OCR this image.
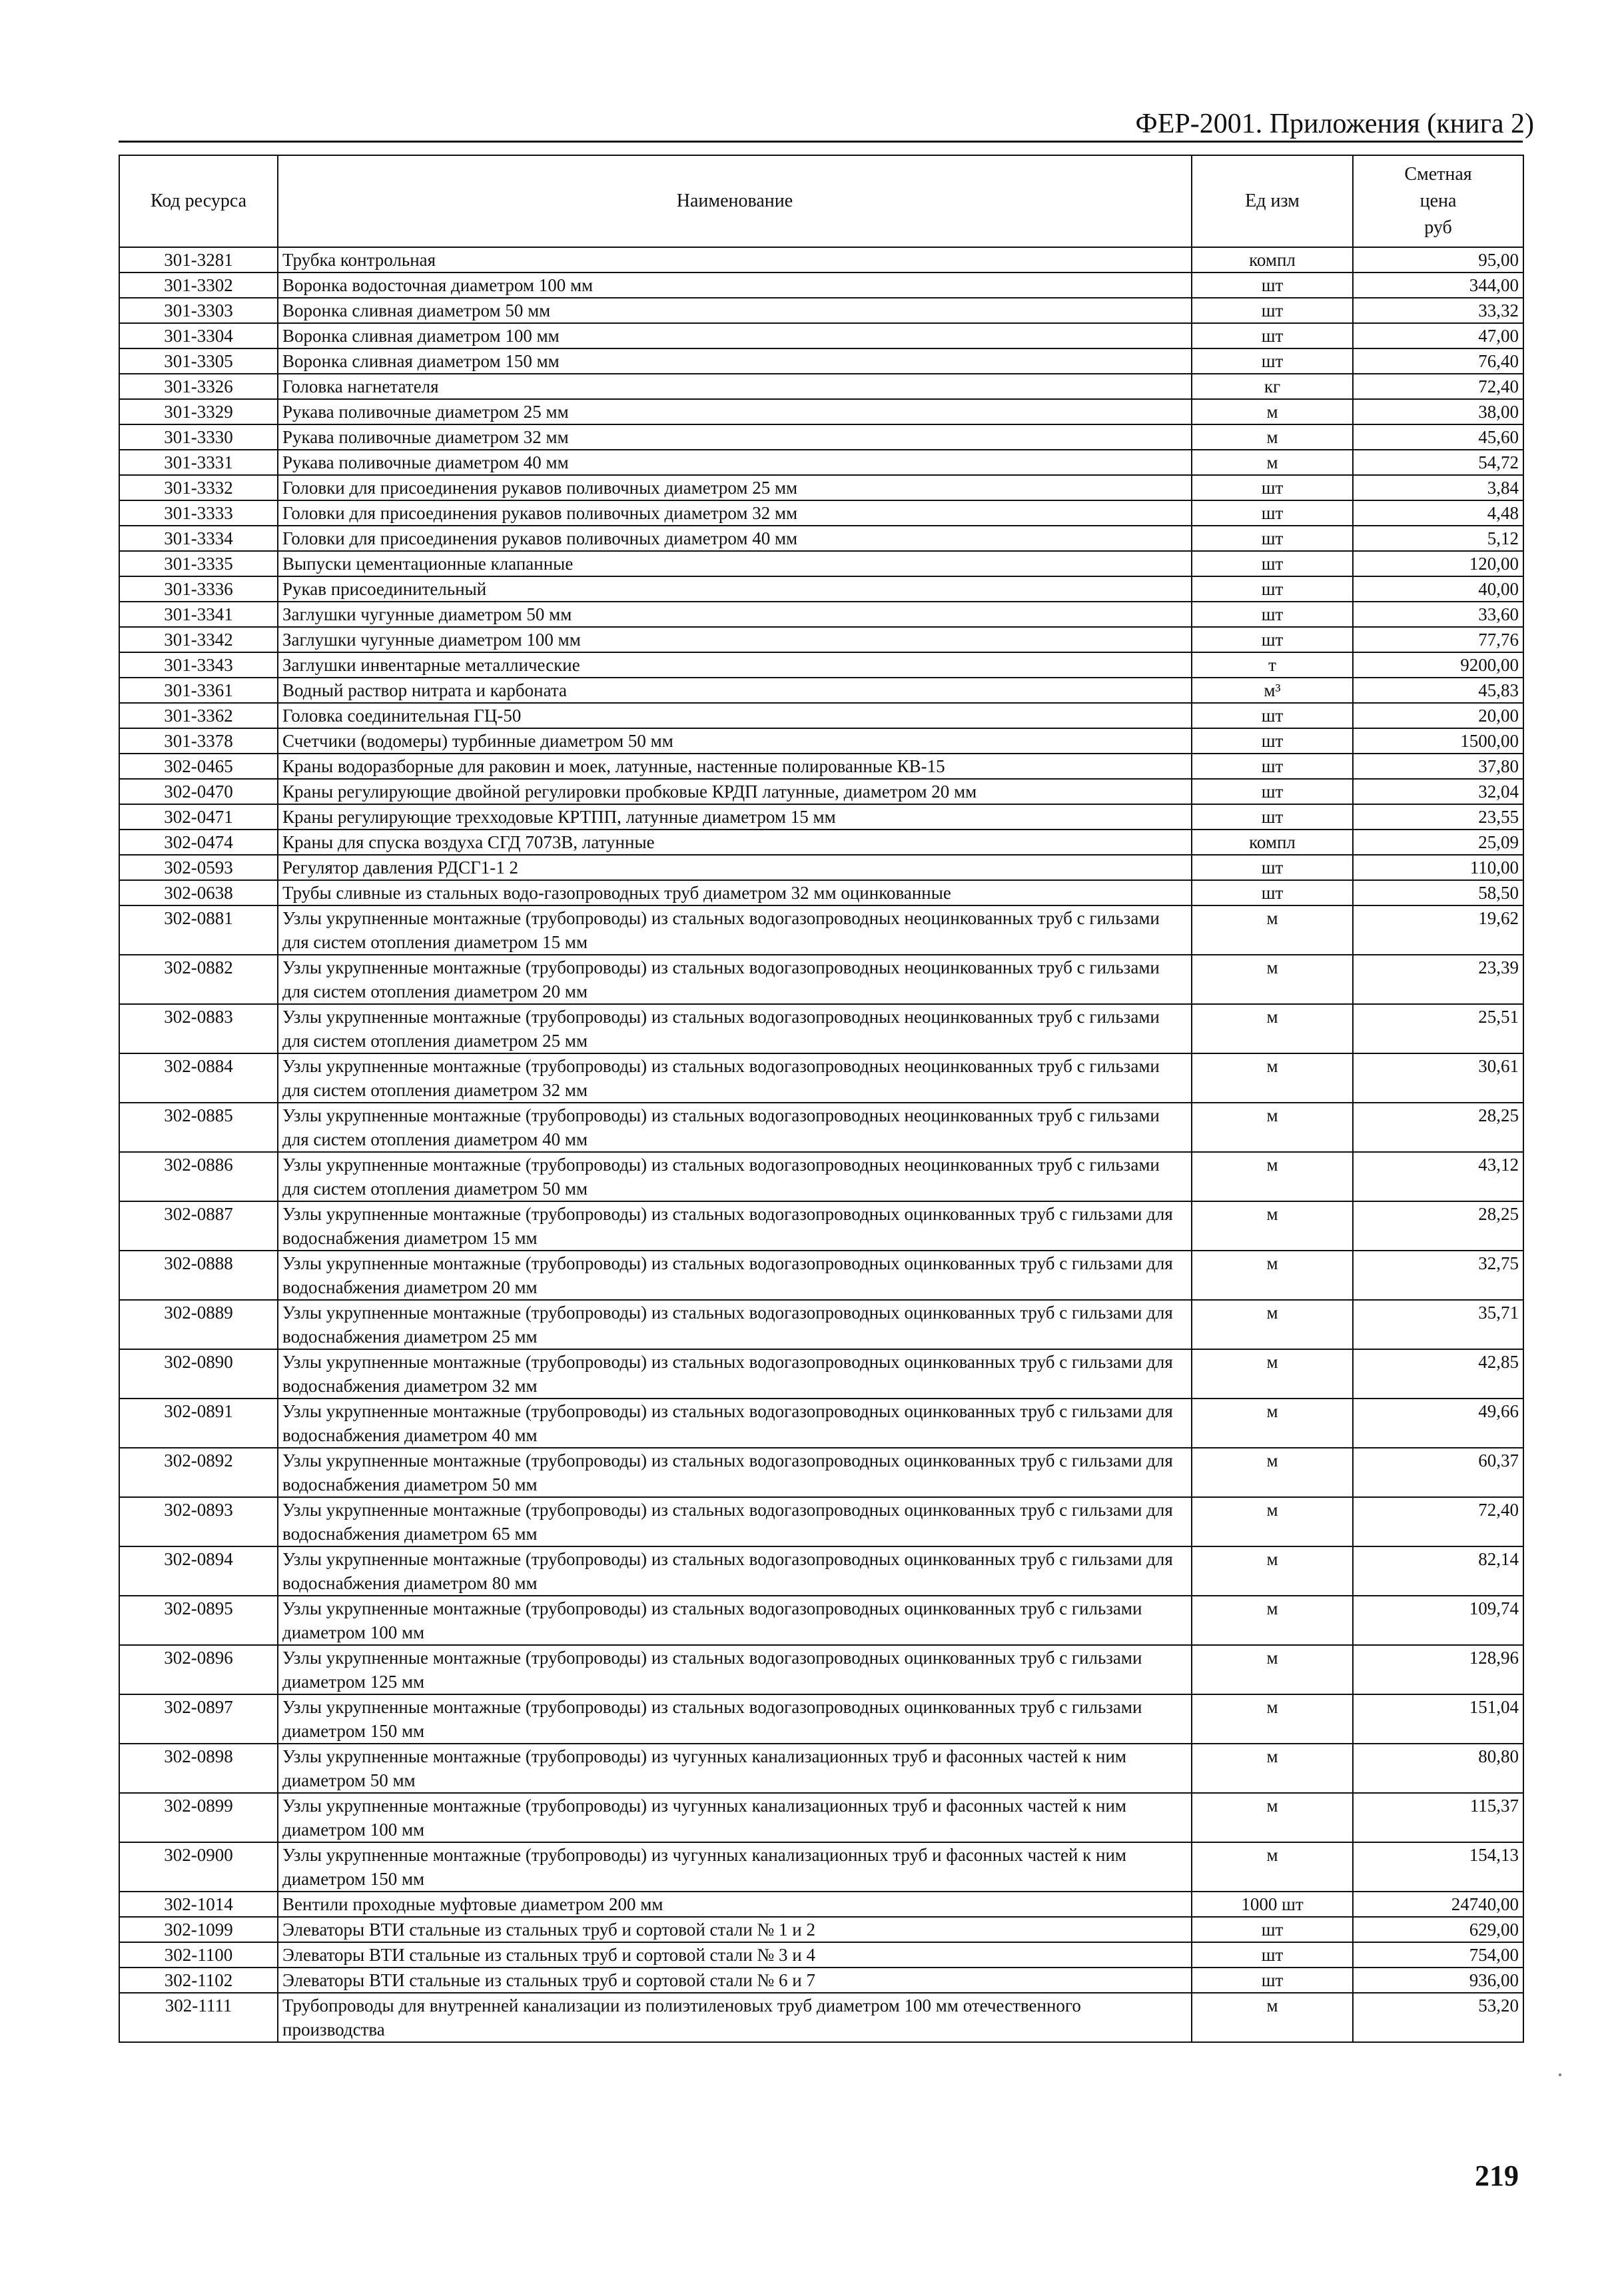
ФЕР-2001. Приложения (книга 2)
Код ресурса	Наименование	Ед изм	Сметная
цена
руб

301-3281	Трубка контрольная	компл	95,00
301-3302	Воронка водосточная диаметром 100 мм	шт	344,00
301-3303	Воронка сливная диаметром 50 мм	шт	33,32
301-3304	Воронка сливная диаметром 100 мм	шт	47,00
301-3305	Воронка сливная диаметром 150 мм	шт	76,40
301-3326	Головка нагнетателя	кг	72,40
301-3329	Рукава поливочные диаметром 25 мм	м	38,00
301-3330	Рукава поливочные диаметром 32 мм	м	45,60
301-3331	Рукава поливочные диаметром 40 мм	м	54,72
301-3332	Головки для присоединения рукавов поливочных диаметром 25 мм	шт	3,84
301-3333	Головки для присоединения рукавов поливочных диаметром 32 мм	шт	4,48
301-3334	Головки для присоединения рукавов поливочных диаметром 40 мм	шт	5,12
301-3335	Выпуски цементационные клапанные	шт	120,00
301-3336	Рукав присоединительный	шт	40,00
301-3341	Заглушки чугунные диаметром 50 мм	шт	33,60
301-3342	Заглушки чугунные диаметром 100 мм	шт	77,76
301-3343	Заглушки инвентарные металлические	т	9200,00
301-3361	Водный раствор нитрата и карбоната	м³	45,83
301-3362	Головка соединительная ГЦ-50	шт	20,00
301-3378	Счетчики (водомеры) турбинные диаметром 50 мм	шт	1500,00
302-0465	Краны водоразборные для раковин и моек, латунные, настенные полированные КВ-15	шт	37,80
302-0470	Краны регулирующие двойной регулировки пробковые КРДП латунные, диаметром 20 мм	шт	32,04
302-0471	Краны регулирующие трехходовые КРТПП, латунные диаметром 15 мм	шт	23,55
302-0474	Краны для спуска воздуха СГД 7073В, латунные	компл	25,09
302-0593	Регулятор давления РДСГ1-1 2	шт	110,00
302-0638	Трубы сливные из стальных водо-газопроводных труб диаметром 32 мм оцинкованные	шт	58,50
302-0881	Узлы укрупненные монтажные (трубопроводы) из стальных водогазопроводных неоцинкованных труб с гильзами для систем отопления диаметром 15 мм	м	19,62
302-0882	Узлы укрупненные монтажные (трубопроводы) из стальных водогазопроводных неоцинкованных труб с гильзами для систем отопления диаметром 20 мм	м	23,39
302-0883	Узлы укрупненные монтажные (трубопроводы) из стальных водогазопроводных неоцинкованных труб с гильзами для систем отопления диаметром 25 мм	м	25,51
302-0884	Узлы укрупненные монтажные (трубопроводы) из стальных водогазопроводных неоцинкованных труб с гильзами для систем отопления диаметром 32 мм	м	30,61
302-0885	Узлы укрупненные монтажные (трубопроводы) из стальных водогазопроводных неоцинкованных труб с гильзами для систем отопления диаметром 40 мм	м	28,25
302-0886	Узлы укрупненные монтажные (трубопроводы) из стальных водогазопроводных неоцинкованных труб с гильзами для систем отопления диаметром 50 мм	м	43,12
302-0887	Узлы укрупненные монтажные (трубопроводы) из стальных водогазопроводных оцинкованных труб с гильзами для водоснабжения диаметром 15 мм	м	28,25
302-0888	Узлы укрупненные монтажные (трубопроводы) из стальных водогазопроводных оцинкованных труб с гильзами для водоснабжения диаметром 20 мм	м	32,75
302-0889	Узлы укрупненные монтажные (трубопроводы) из стальных водогазопроводных оцинкованных труб с гильзами для водоснабжения диаметром 25 мм	м	35,71
302-0890	Узлы укрупненные монтажные (трубопроводы) из стальных водогазопроводных оцинкованных труб с гильзами для водоснабжения диаметром 32 мм	м	42,85
302-0891	Узлы укрупненные монтажные (трубопроводы) из стальных водогазопроводных оцинкованных труб с гильзами для водоснабжения диаметром 40 мм	м	49,66
302-0892	Узлы укрупненные монтажные (трубопроводы) из стальных водогазопроводных оцинкованных труб с гильзами для водоснабжения диаметром 50 мм	м	60,37
302-0893	Узлы укрупненные монтажные (трубопроводы) из стальных водогазопроводных оцинкованных труб с гильзами для водоснабжения диаметром 65 мм	м	72,40
302-0894	Узлы укрупненные монтажные (трубопроводы) из стальных водогазопроводных оцинкованных труб с гильзами для водоснабжения диаметром 80 мм	м	82,14
302-0895	Узлы укрупненные монтажные (трубопроводы) из стальных водогазопроводных оцинкованных труб с гильзами диаметром 100 мм	м	109,74
302-0896	Узлы укрупненные монтажные (трубопроводы) из стальных водогазопроводных оцинкованных труб с гильзами диаметром 125 мм	м	128,96
302-0897	Узлы укрупненные монтажные (трубопроводы) из стальных водогазопроводных оцинкованных труб с гильзами диаметром 150 мм	м	151,04
302-0898	Узлы укрупненные монтажные (трубопроводы) из чугунных канализационных труб и фасонных частей к ним диаметром 50 мм	м	80,80
302-0899	Узлы укрупненные монтажные (трубопроводы) из чугунных канализационных труб и фасонных частей к ним диаметром 100 мм	м	115,37
302-0900	Узлы укрупненные монтажные (трубопроводы) из чугунных канализационных труб и фасонных частей к ним диаметром 150 мм	м	154,13
302-1014	Вентили проходные муфтовые диаметром 200 мм	1000 шт	24740,00
302-1099	Элеваторы ВТИ стальные из стальных труб и сортовой стали № 1 и 2	шт	629,00
302-1100	Элеваторы ВТИ стальные из стальных труб и сортовой стали № 3 и 4	шт	754,00
302-1102	Элеваторы ВТИ стальные из стальных труб и сортовой стали № 6 и 7	шт	936,00
302-1111	Трубопроводы для внутренней канализации из полиэтиленовых труб диаметром 100 мм отечественного производства	м	53,20
219
